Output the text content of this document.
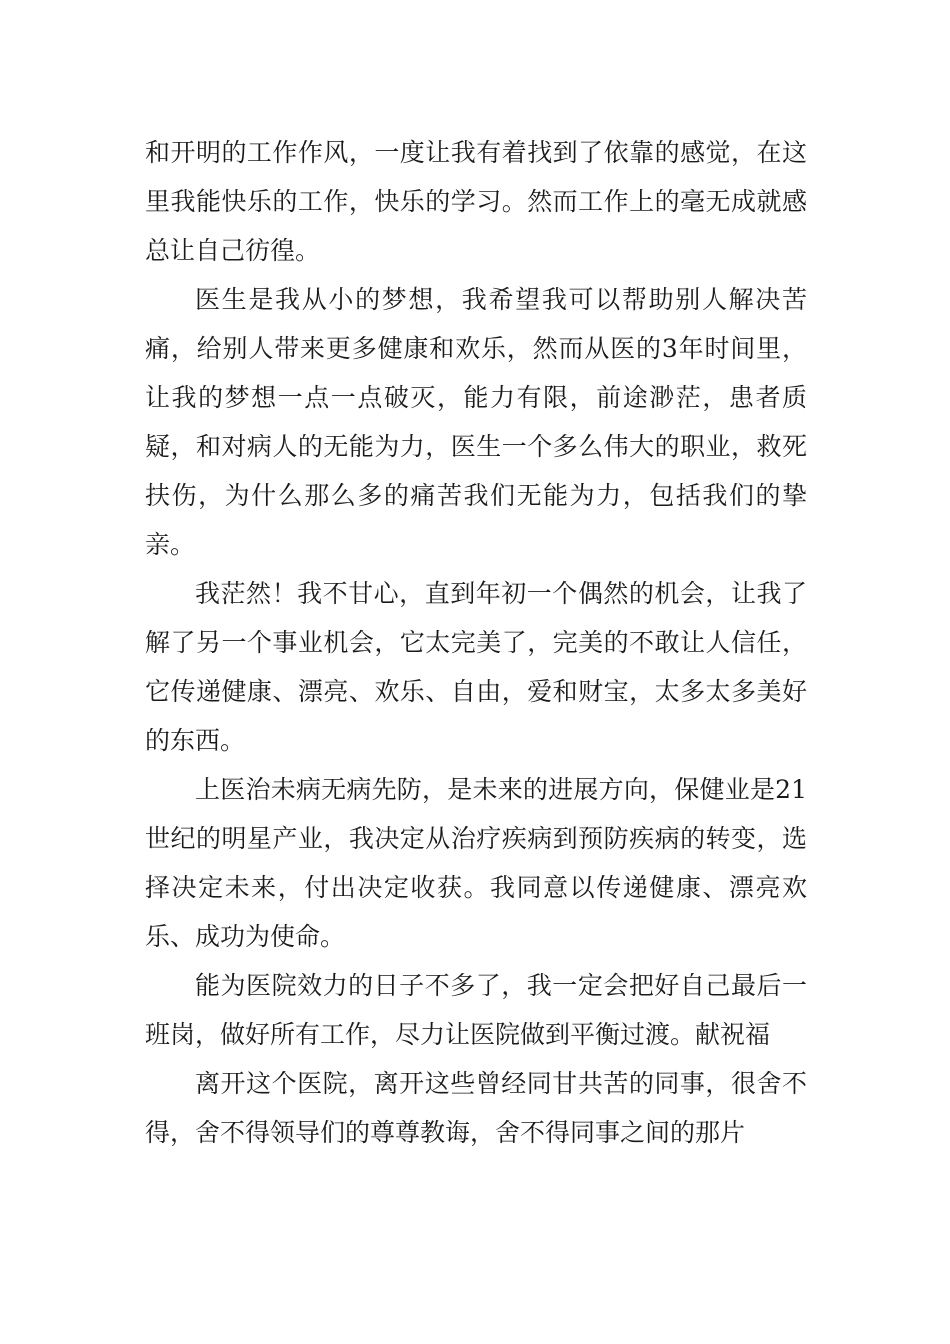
和开明的工作作风，一度让我有着找到了依靠的感觉，在这里我能快乐的工作，快乐的学习。然而工作上的毫无成就感总让自己彷徨。

医生是我从小的梦想，我希望我可以帮助别人解决苦痛，给别人带来更多健康和欢乐，然而从医的3年时间里，让我的梦想一点一点破灭，能力有限，前途渺茫，患者质疑，和对病人的无能为力，医生一个多么伟大的职业，救死扶伤，为什么那么多的痛苦我们无能为力，包括我们的挚亲。

我茫然！我不甘心，直到年初一个偶然的机会，让我了解了另一个事业机会，它太完美了，完美的不敢让人信任，它传递健康、漂亮、欢乐、自由，爱和财宝，太多太多美好的东西。

上医治未病无病先防，是未来的进展方向，保健业是21世纪的明星产业，我决定从治疗疾病到预防疾病的转变，选择决定未来，付出决定收获。我同意以传递健康、漂亮欢乐、成功为使命。

能为医院效力的日子不多了，我一定会把好自己最后一班岗，做好所有工作，尽力让医院做到平衡过渡。献祝福

离开这个医院，离开这些曾经同甘共苦的同事，很舍不得，舍不得领导们的尊尊教诲，舍不得同事之间的那片
